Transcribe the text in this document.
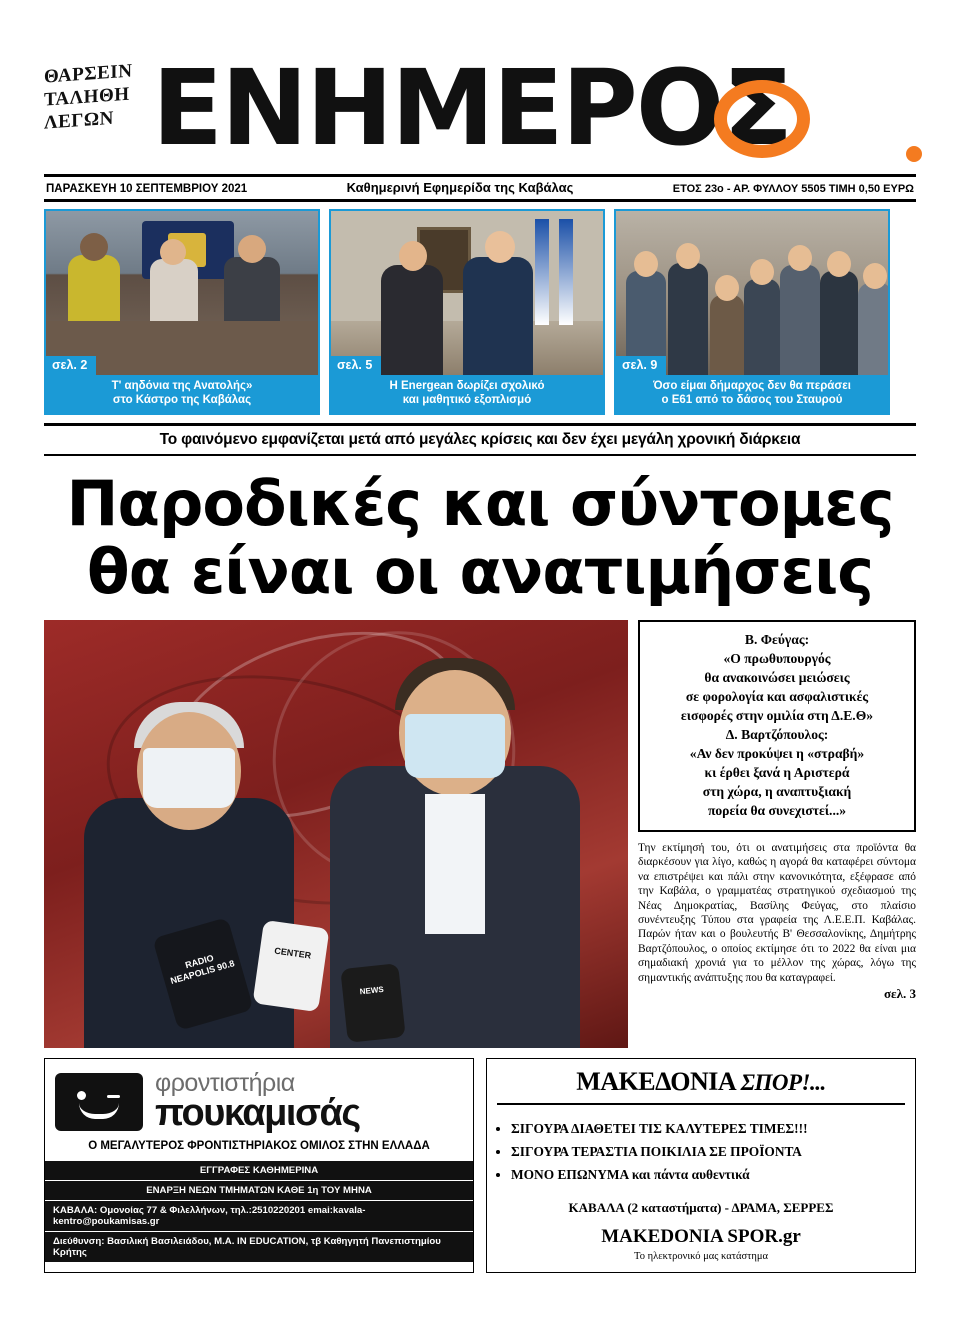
ΘΑΡΣΕΙΝ
ΤΑΛΗΘΗ
ΛΕΓΩΝ ΕΝΗΜΕΡΟΣ
ΠΑΡΑΣΚΕΥΗ 10 ΣΕΠΤΕΜΒΡΙΟΥ 2021	Καθημερινή Εφημερίδα της Καβάλας	ΕΤΟΣ 23ο - ΑΡ. ΦΥΛΛΟΥ 5505 ΤΙΜΗ 0,50 ΕΥΡΩ
σελ. 2
Τ' αηδόνια της Ανατολής»
στο Κάστρο της Καβάλας
σελ. 5
Η Energean δωρίζει σχολικό
και μαθητικό εξοπλισμό
σελ. 9
Όσο είμαι δήμαρχος δεν θα περάσει
ο Ε61 από το δάσος του Σταυρού
Το φαινόμενο εμφανίζεται μετά από μεγάλες κρίσεις και δεν έχει μεγάλη χρονική διάρκεια
Παροδικές και σύντομες
θα είναι οι ανατιμήσεις
RADIO NEAPOLIS 90.8
CENTER
NEWS
Β. Φεύγας:
«Ο πρωθυπουργός
θα ανακοινώσει μειώσεις
σε φορολογία και ασφαλιστικές
εισφορές στην ομιλία στη Δ.Ε.Θ»
Δ. Βαρτζόπουλος:
«Αν δεν προκύψει η «στραβή»
κι έρθει ξανά η Αριστερά
στη χώρα, η αναπτυξιακή
πορεία θα συνεχιστεί...»
Την εκτίμησή του, ότι οι ανατιμήσεις στα προϊόντα θα διαρκέσουν για λίγο, καθώς η αγορά θα καταφέρει σύντομα να επιστρέψει και πάλι στην κανονικότητα, εξέφρασε από την Καβάλα, ο γραμματέας στρατηγικού σχεδιασμού της Νέας Δημοκρατίας, Βασίλης Φεύγας, στο πλαίσιο συνέντευξης Τύπου στα γραφεία της Λ.Ε.Ε.Π. Καβάλας. Παρών ήταν και ο βουλευτής Β' Θεσσαλονίκης, Δημήτρης Βαρτζόπουλος, ο οποίος εκτίμησε ότι το 2022 θα είναι μια σημαδιακή χρονιά για το μέλλον της χώρας, λόγω της σημαντικής ανάπτυξης που θα καταγραφεί.
σελ. 3
φροντιστήρια
πουκαμισάς
Ο ΜΕΓΑΛΥΤΕΡΟΣ ΦΡΟΝΤΙΣΤΗΡΙΑΚΟΣ ΟΜΙΛΟΣ ΣΤΗΝ ΕΛΛΑΔΑ
ΕΓΓΡΑΦΕΣ ΚΑΘΗΜΕΡΙΝΑ
ΕΝΑΡΞΗ ΝΕΩΝ ΤΜΗΜΑΤΩΝ ΚΑΘΕ 1η ΤΟΥ ΜΗΝΑ
ΚΑΒΑΛΑ: Ομονοίας 77 & Φιλελλήνων, τηλ.:2510220201 emai:kavala-kentro@poukamisas.gr
Διεύθυνση: Βασιλική Βασιλειάδου, Μ.Α. IN EDUCATION, τβ Καθηγητή Πανεπιστημίου Κρήτης
ΜΑΚΕΔΟΝΙΑ ΣΠΟΡ!...
• ΣΙΓΟΥΡΑ ΔΙΑΘΕΤΕΙ ΤΙΣ ΚΑΛΥΤΕΡΕΣ ΤΙΜΕΣ!!!
• ΣΙΓΟΥΡΑ ΤΕΡΑΣΤΙΑ ΠΟΙΚΙΛΙΑ ΣΕ ΠΡΟΪΟΝΤΑ
• ΜΟΝΟ ΕΠΩΝΥΜΑ και πάντα αυθεντικά
ΚΑΒΑΛΑ (2 καταστήματα) - ΔΡΑΜΑ, ΣΕΡΡΕΣ
MAKEDONIA SPOR.gr
Το ηλεκτρονικό μας κατάστημα
